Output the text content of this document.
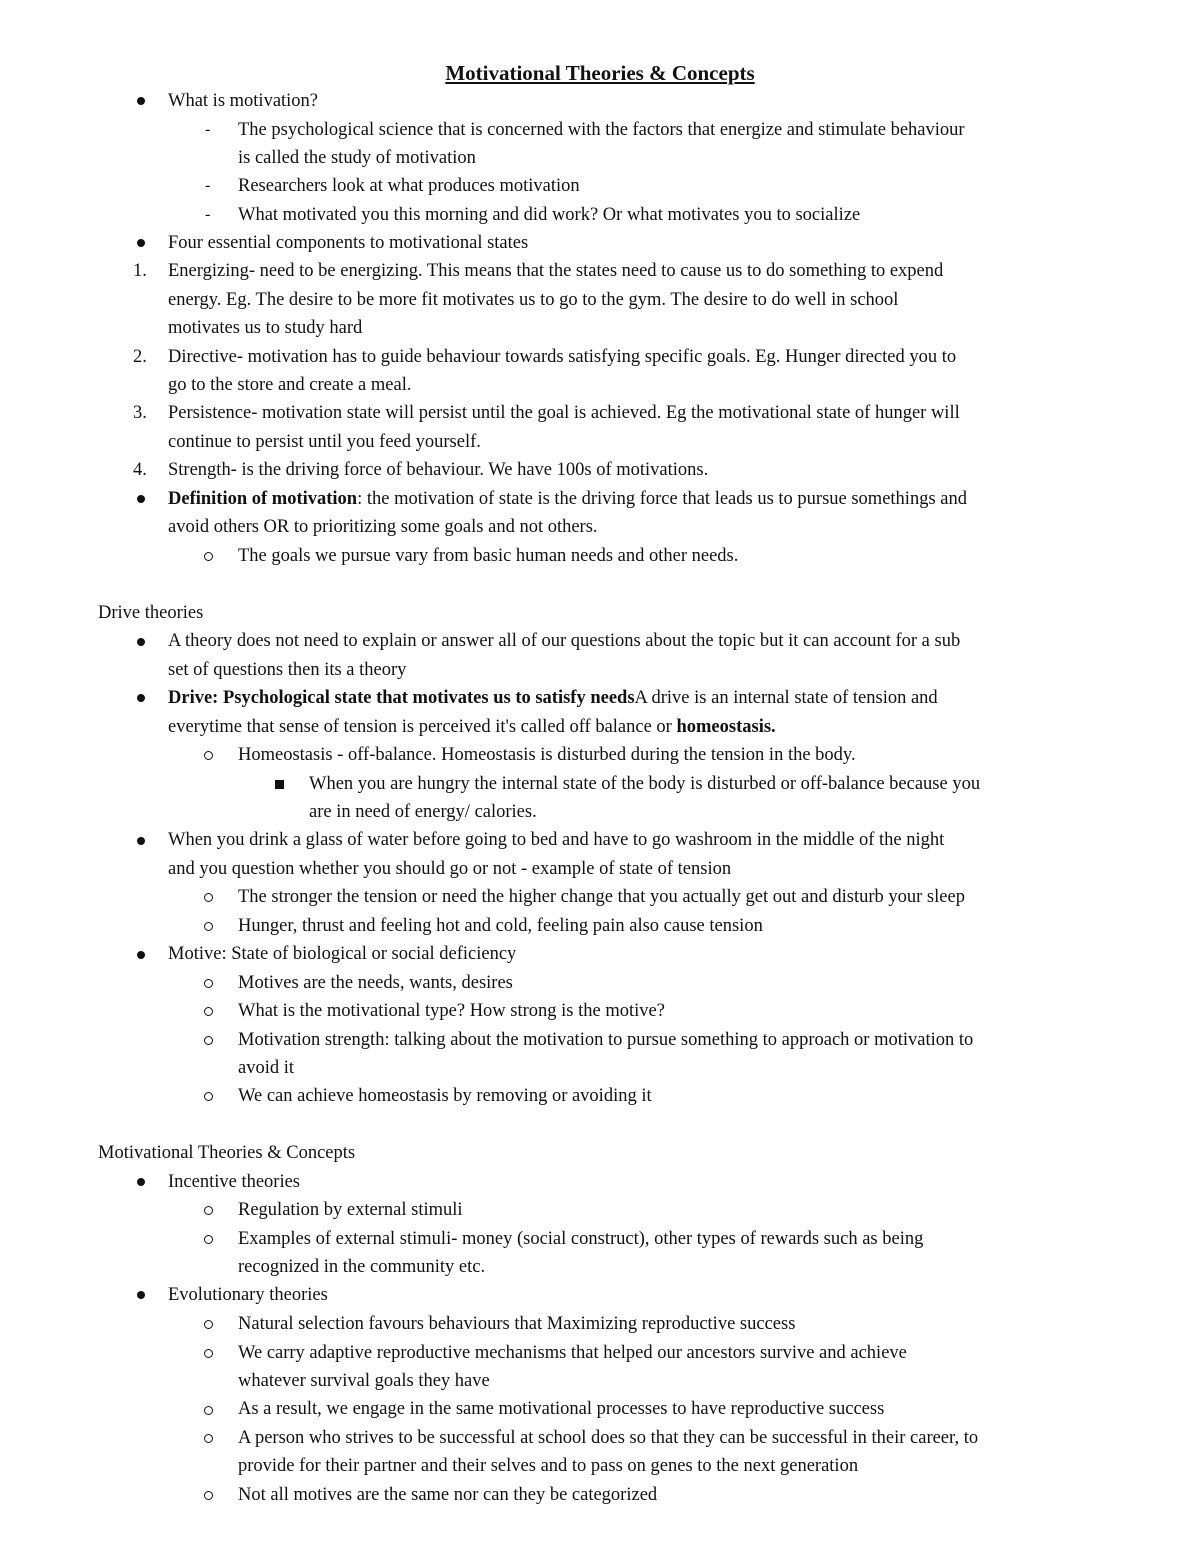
Motivational Theories & Concepts
What is motivation?
- The psychological science that is concerned with the factors that energize and stimulate behaviour
is called the study of motivation
- Researchers look at what produces motivation
- What motivated you this morning and did work? Or what motivates you to socialize
Four essential components to motivational states
1. Energizing- need to be energizing. This means that the states need to cause us to do something to expend
energy. Eg. The desire to be more fit motivates us to go to the gym. The desire to do well in school
motivates us to study hard
2. Directive- motivation has to guide behaviour towards satisfying specific goals. Eg. Hunger directed you to
go to the store and create a meal.
3. Persistence- motivation state will persist until the goal is achieved. Eg the motivational state of hunger will
continue to persist until you feed yourself.
4. Strength- is the driving force of behaviour. We have 100s of motivations.
Definition of motivation: the motivation of state is the driving force that leads us to pursue somethings and
avoid others OR to prioritizing some goals and not others.
The goals we pursue vary from basic human needs and other needs.
Drive theories
A theory does not need to explain or answer all of our questions about the topic but it can account for a sub
set of questions then its a theory
Drive: Psychological state that motivates us to satisfy needsA drive is an internal state of tension and
everytime that sense of tension is perceived it's called off balance or homeostasis.
Homeostasis - off-balance. Homeostasis is disturbed during the tension in the body.
When you are hungry the internal state of the body is disturbed or off-balance because you
are in need of energy/ calories.
When you drink a glass of water before going to bed and have to go washroom in the middle of the night
and you question whether you should go or not - example of state of tension
The stronger the tension or need the higher change that you actually get out and disturb your sleep
Hunger, thrust and feeling hot and cold, feeling pain also cause tension
Motive: State of biological or social deficiency
Motives are the needs, wants, desires
What is the motivational type? How strong is the motive?
Motivation strength: talking about the motivation to pursue something to approach or motivation to
avoid it
We can achieve homeostasis by removing or avoiding it
Motivational Theories & Concepts
Incentive theories
Regulation by external stimuli
Examples of external stimuli- money (social construct), other types of rewards such as being
recognized in the community etc.
Evolutionary theories
Natural selection favours behaviours that Maximizing reproductive success
We carry adaptive reproductive mechanisms that helped our ancestors survive and achieve
whatever survival goals they have
As a result, we engage in the same motivational processes to have reproductive success
A person who strives to be successful at school does so that they can be successful in their career, to
provide for their partner and their selves and to pass on genes to the next generation
Not all motives are the same nor can they be categorized
